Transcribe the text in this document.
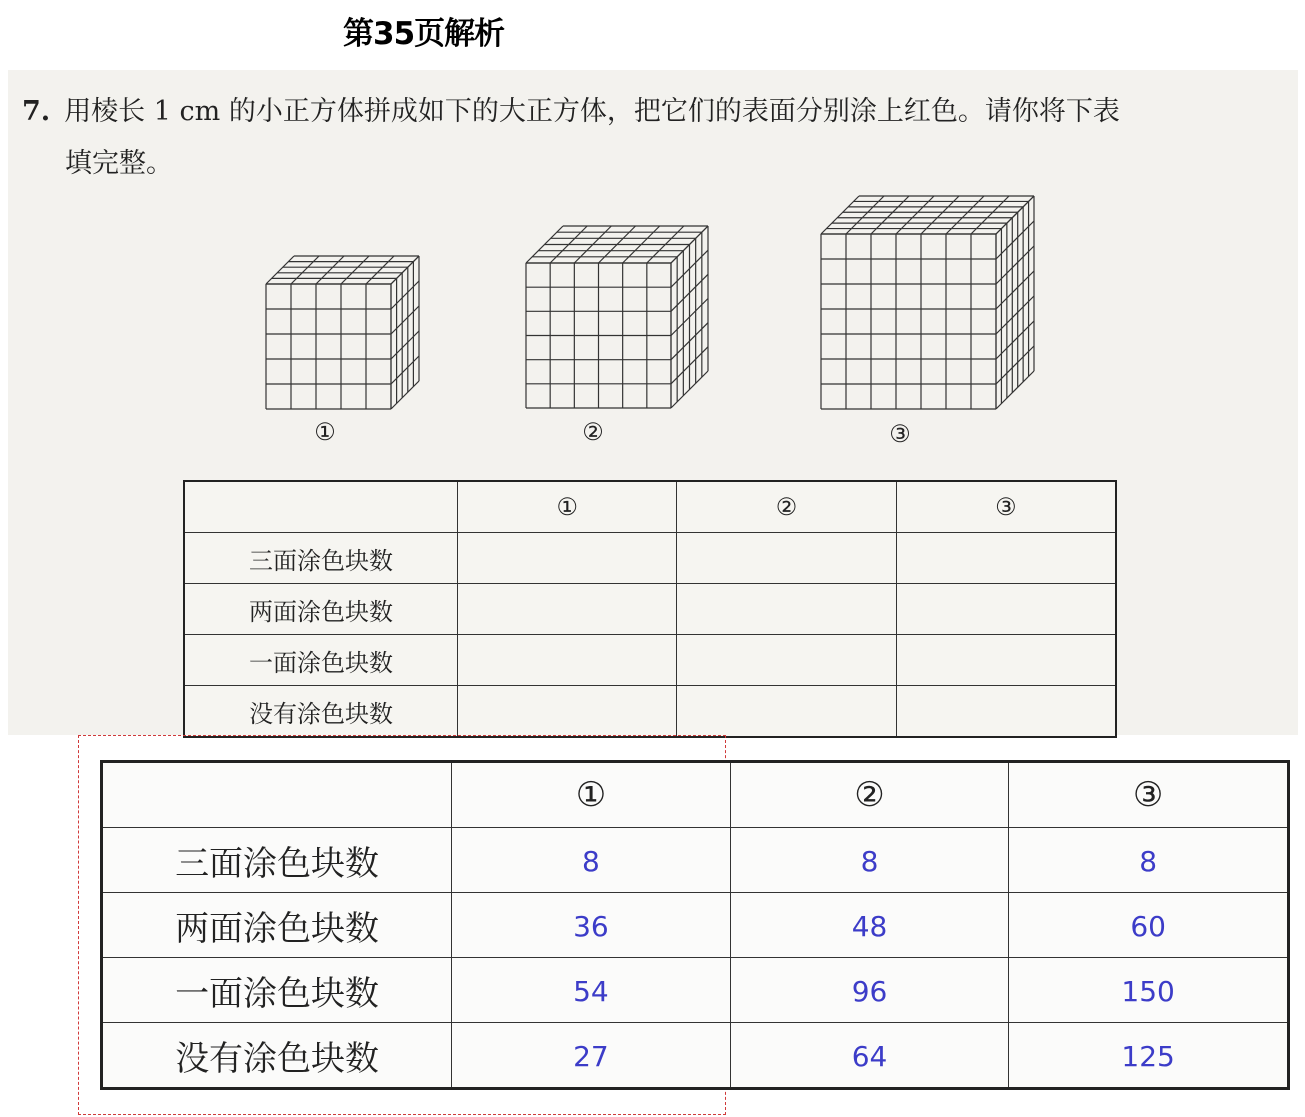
第35页解析
7. 用棱长 1 cm 的小正方体拼成如下的大正方体，把它们的表面分别涂上红色。请你将下表
填完整。
①	②	③
	①	②	③
三面涂色块数			
两面涂色块数			
一面涂色块数			
没有涂色块数			
	①	②	③
三面涂色块数	8	8	8
两面涂色块数	36	48	60
一面涂色块数	54	96	150
没有涂色块数	27	64	125
